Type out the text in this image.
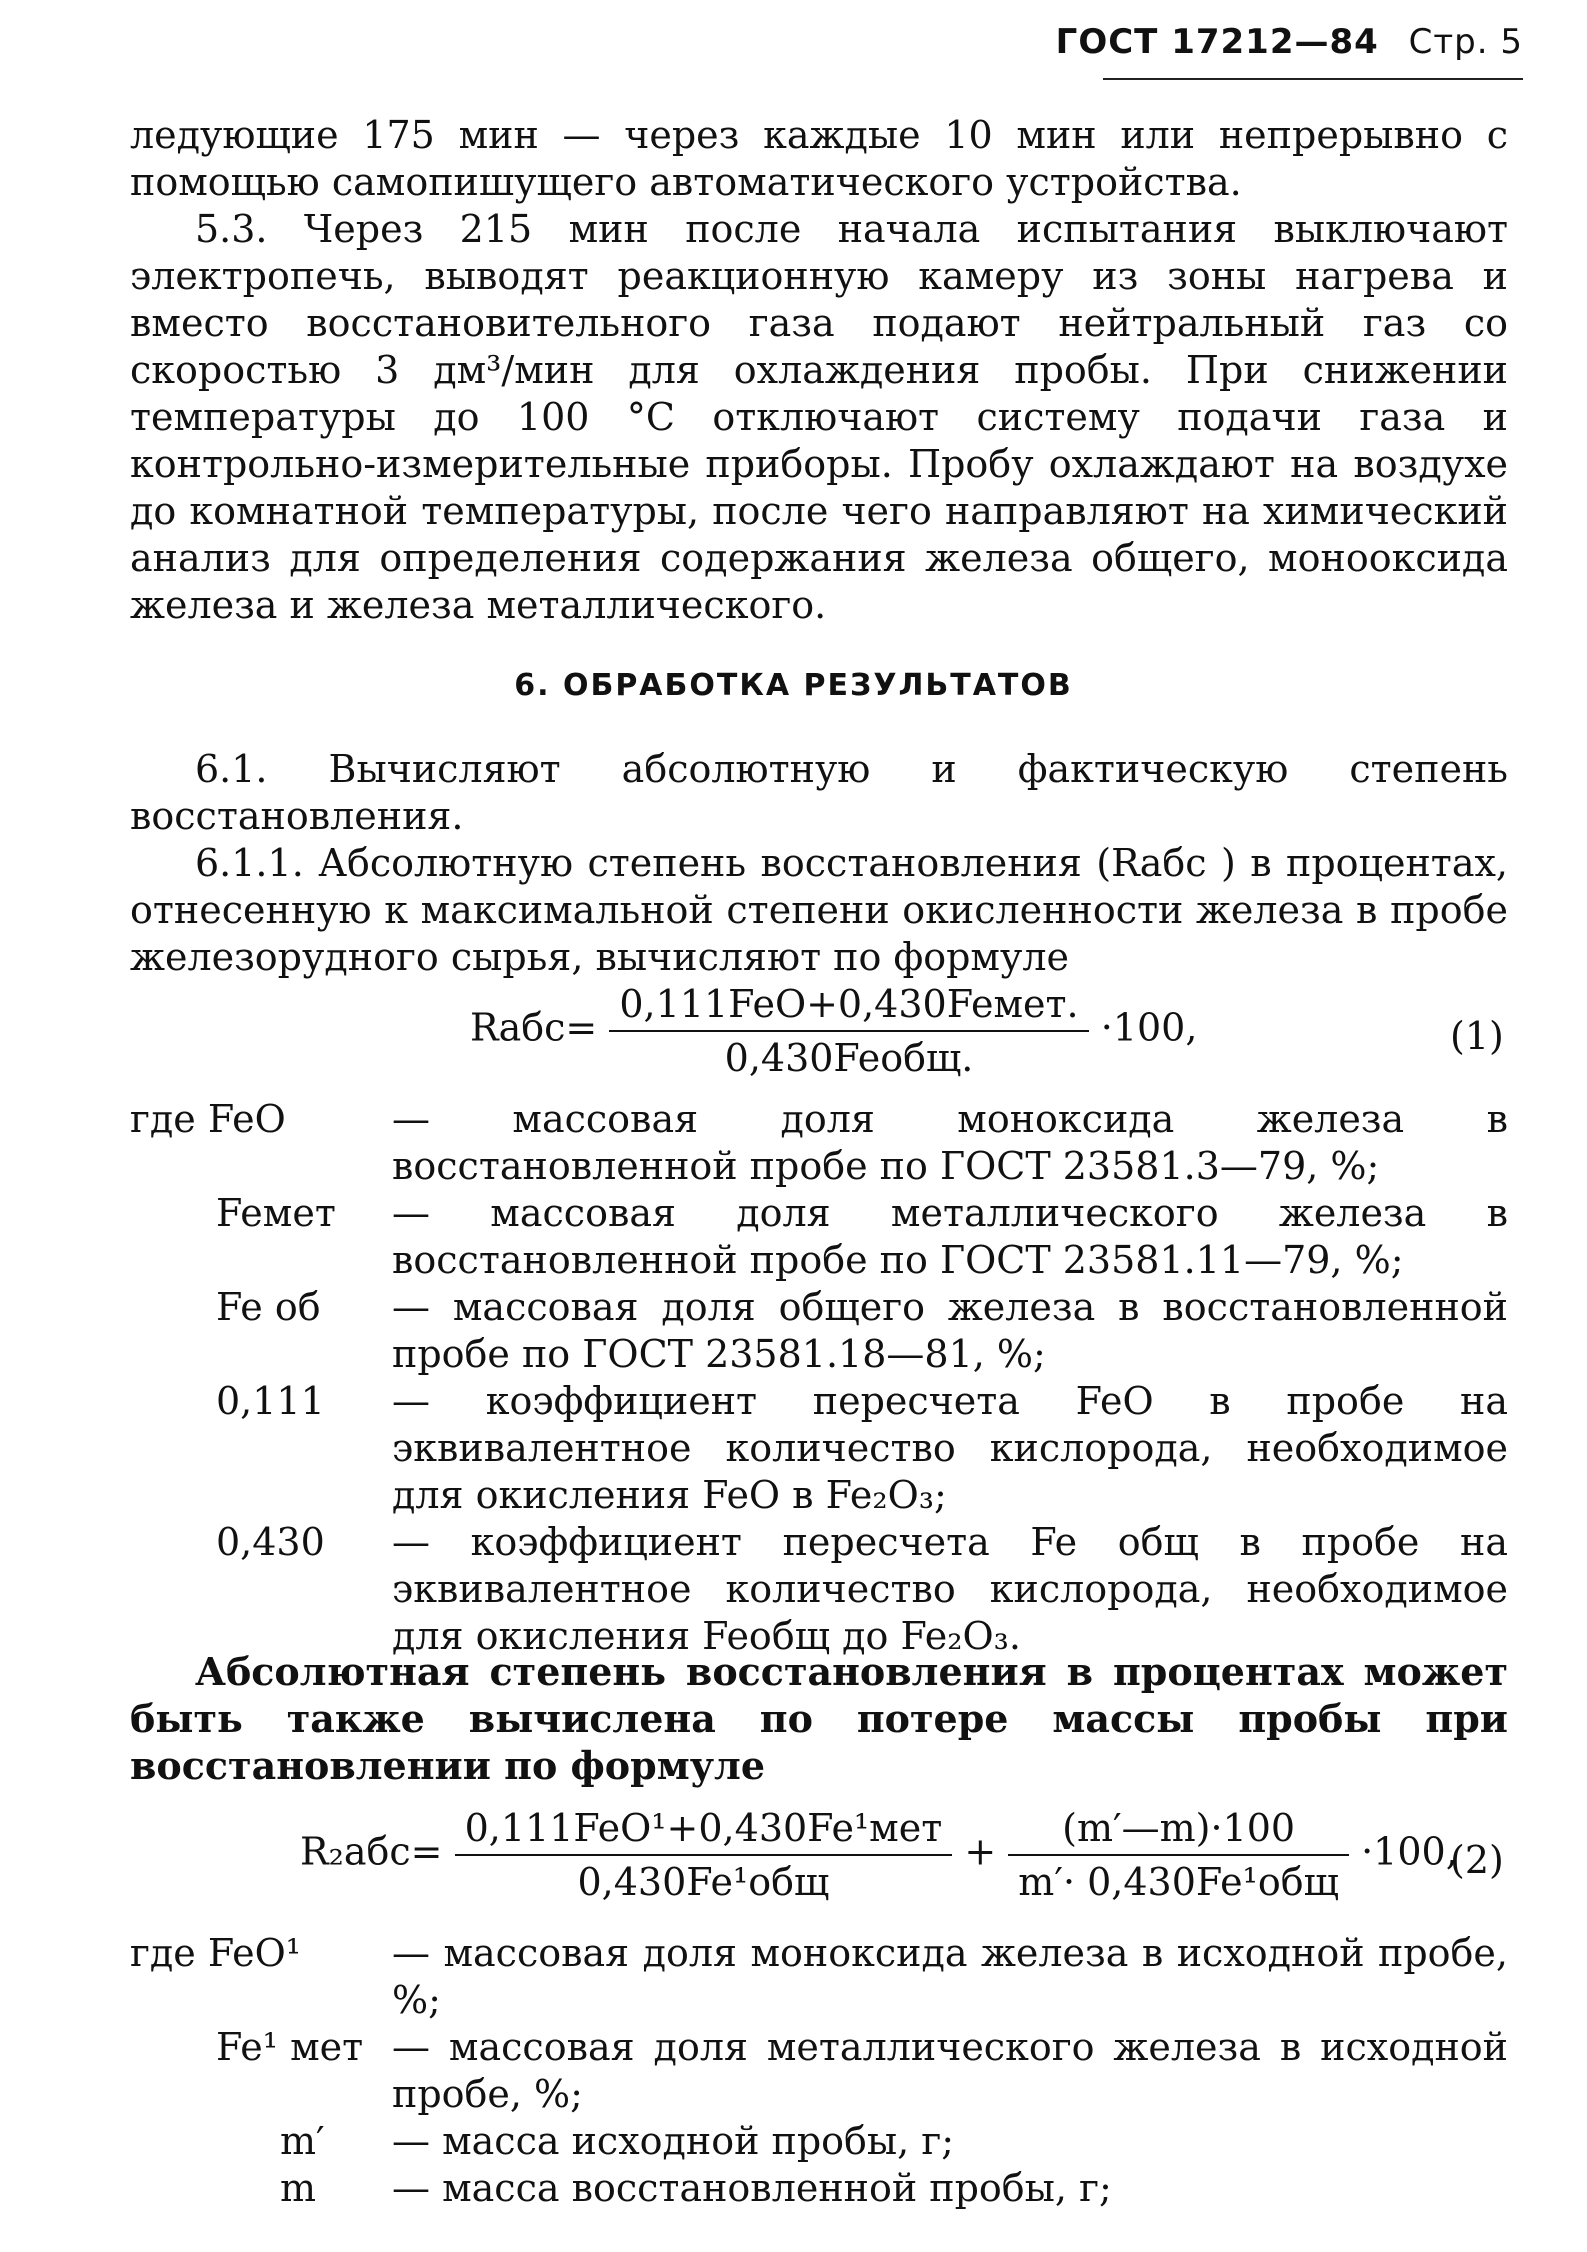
ГОСТ 17212—84 Стр. 5
ледующие 175 мин — через каждые 10 мин или непрерывно с помощью самопишущего автоматического устройства.
5.3. Через 215 мин после начала испытания выключают электропечь, выводят реакционную камеру из зоны нагрева и вместо восстановительного газа подают нейтральный газ со скоростью 3 дм³/мин для охлаждения пробы. При снижении температуры до 100 °С отключают систему подачи газа и контрольно-измерительные приборы. Пробу охлаждают на воздухе до комнатной температуры, после чего направляют на химический анализ для определения содержания железа общего, монооксида железа и железа металлического.
6. ОБРАБОТКА РЕЗУЛЬТАТОВ
6.1. Вычисляют абсолютную и фактическую степень восстановления.
6.1.1. Абсолютную степень восстановления (Rабс ) в процентах, отнесенную к максимальной степени окисленности железа в пробе железорудного сырья, вычисляют по формуле
Rабс= $\frac{\text{0,111FeO+0,430Feмет.}}{\text{0,430Feобщ.}} \cdot 100$,	(1)
где FeO	— массовая доля моноксида железа в восстановленной пробе по ГОСТ 23581.3—79, %;
Feмет	— массовая доля металлического железа в восстановленной пробе по ГОСТ 23581.11—79, %;
Fe об	— массовая доля общего железа в восстановленной пробе по ГОСТ 23581.18—81, %;
0,111	— коэффициент пересчета FeO в пробе на эквивалентное количество кислорода, необходимое для окисления FeO в Fe₂O₃;
0,430	— коэффициент пересчета Fe общ в пробе на эквивалентное количество кислорода, необходимое для окисления Feобщ до Fe₂O₃.
Абсолютная степень восстановления в процентах может быть также вычислена по потере массы пробы при восстановлении по формуле
$R_2абс= \frac{\text{0,111FeO¹+0,430Fe¹мет}}{\text{0,430Fe¹общ}} + \frac{(m'—m)\cdot 100}{\text{m′· 0,430Fe¹общ}} \cdot 100$,
(2)
где FeO¹	— массовая доля моноксида железа в исходной пробе, %;
Fe¹ мет — массовая доля металлического железа в исходной пробе, %;
m′	— масса исходной пробы, г;
m	— масса восстановленной пробы, г;
